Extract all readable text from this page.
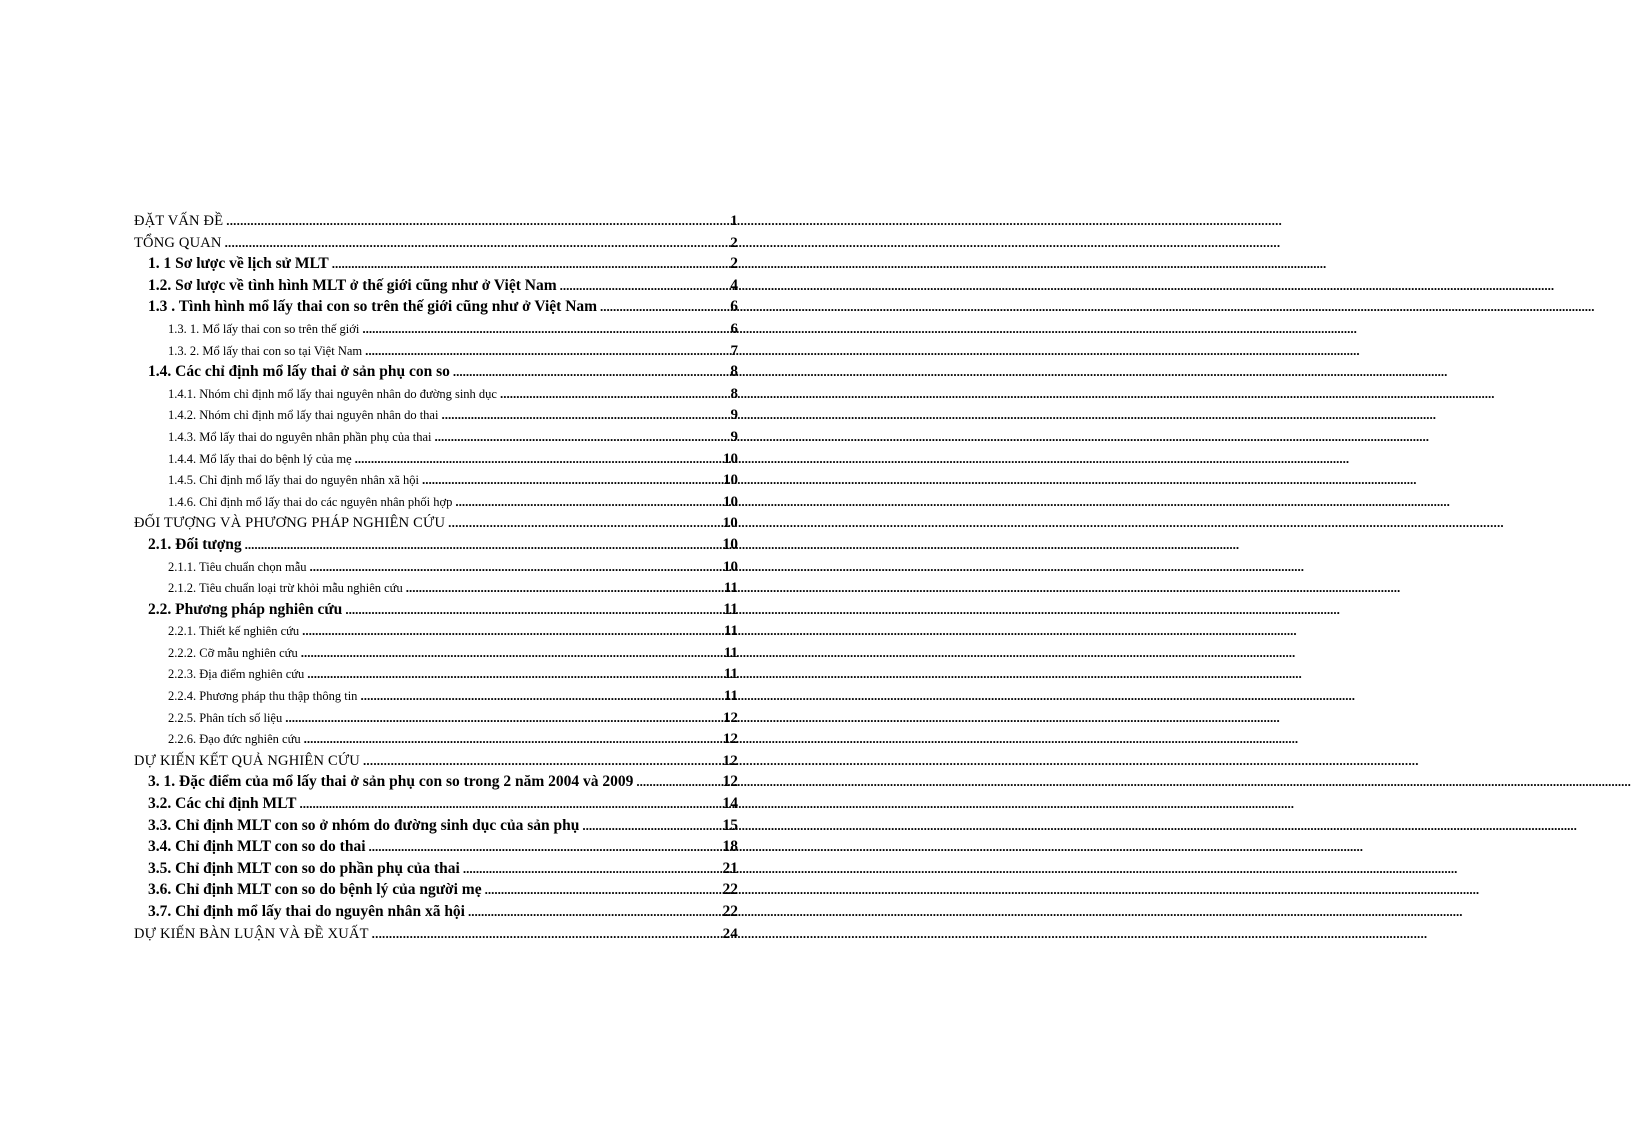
ĐẶT VẤN ĐỀ .....	1
TỔNG QUAN .....	2
1. 1 Sơ lược về lịch sử MLT .....	2
1.2. Sơ lược về tình hình MLT ở thế giới cũng như ở Việt Nam .....	4
1.3 . Tình hình mổ lấy thai con so trên thế giới cũng như ở Việt Nam .....	6
1.3. 1. Mổ lấy thai con so trên thế giới .....	6
1.3. 2. Mổ lấy thai con so tại Việt Nam .....	7
1.4. Các chỉ định mổ lấy thai ở sản phụ con so .....	8
1.4.1. Nhóm chỉ định mổ lấy thai nguyên nhân do đường sinh dục .....	8
1.4.2. Nhóm chỉ định mổ lấy thai nguyên nhân do thai .....	9
1.4.3. Mổ lấy thai do nguyên nhân phần phụ của thai .....	9
1.4.4. Mổ lấy thai do bệnh lý của mẹ .....	10
1.4.5. Chỉ định mổ lấy thai do nguyên nhân xã hội .....	10
1.4.6. Chỉ định mổ lấy thai do các nguyên nhân phối hợp .....	10
ĐỐI TƯỢNG VÀ PHƯƠNG PHÁP NGHIÊN CỨU .....	10
2.1. Đối tượng .....	10
2.1.1. Tiêu chuẩn chọn mẫu .....	10
2.1.2. Tiêu chuẩn loại trừ khỏi mẫu nghiên cứu .....	11
2.2. Phương pháp nghiên cứu .....	11
2.2.1. Thiết kế nghiên cứu .....	11
2.2.2. Cỡ mẫu nghiên cứu .....	11
2.2.3. Địa điểm nghiên cứu .....	11
2.2.4. Phương pháp thu thập thông tin .....	11
2.2.5. Phân tích số liệu .....	12
2.2.6. Đạo đức nghiên cứu .....	12
DỰ KIẾN KẾT QUẢ NGHIÊN CỨU .....	12
3. 1. Đặc điểm của mổ lấy thai ở sản phụ con so trong 2 năm 2004 và 2009 .....	12
3.2. Các chỉ định MLT .....	14
3.3. Chỉ định MLT con so ở nhóm do đường sinh dục của sản phụ .....	15
3.4. Chỉ định MLT con so do thai .....	18
3.5. Chỉ định MLT con so do phần phụ của thai .....	21
3.6. Chỉ định MLT con so do bệnh lý của người mẹ .....	22
3.7. Chỉ định mổ lấy thai do nguyên nhân xã hội .....	22
DỰ KIẾN BÀN LUẬN VÀ ĐỀ XUẤT .....	24
